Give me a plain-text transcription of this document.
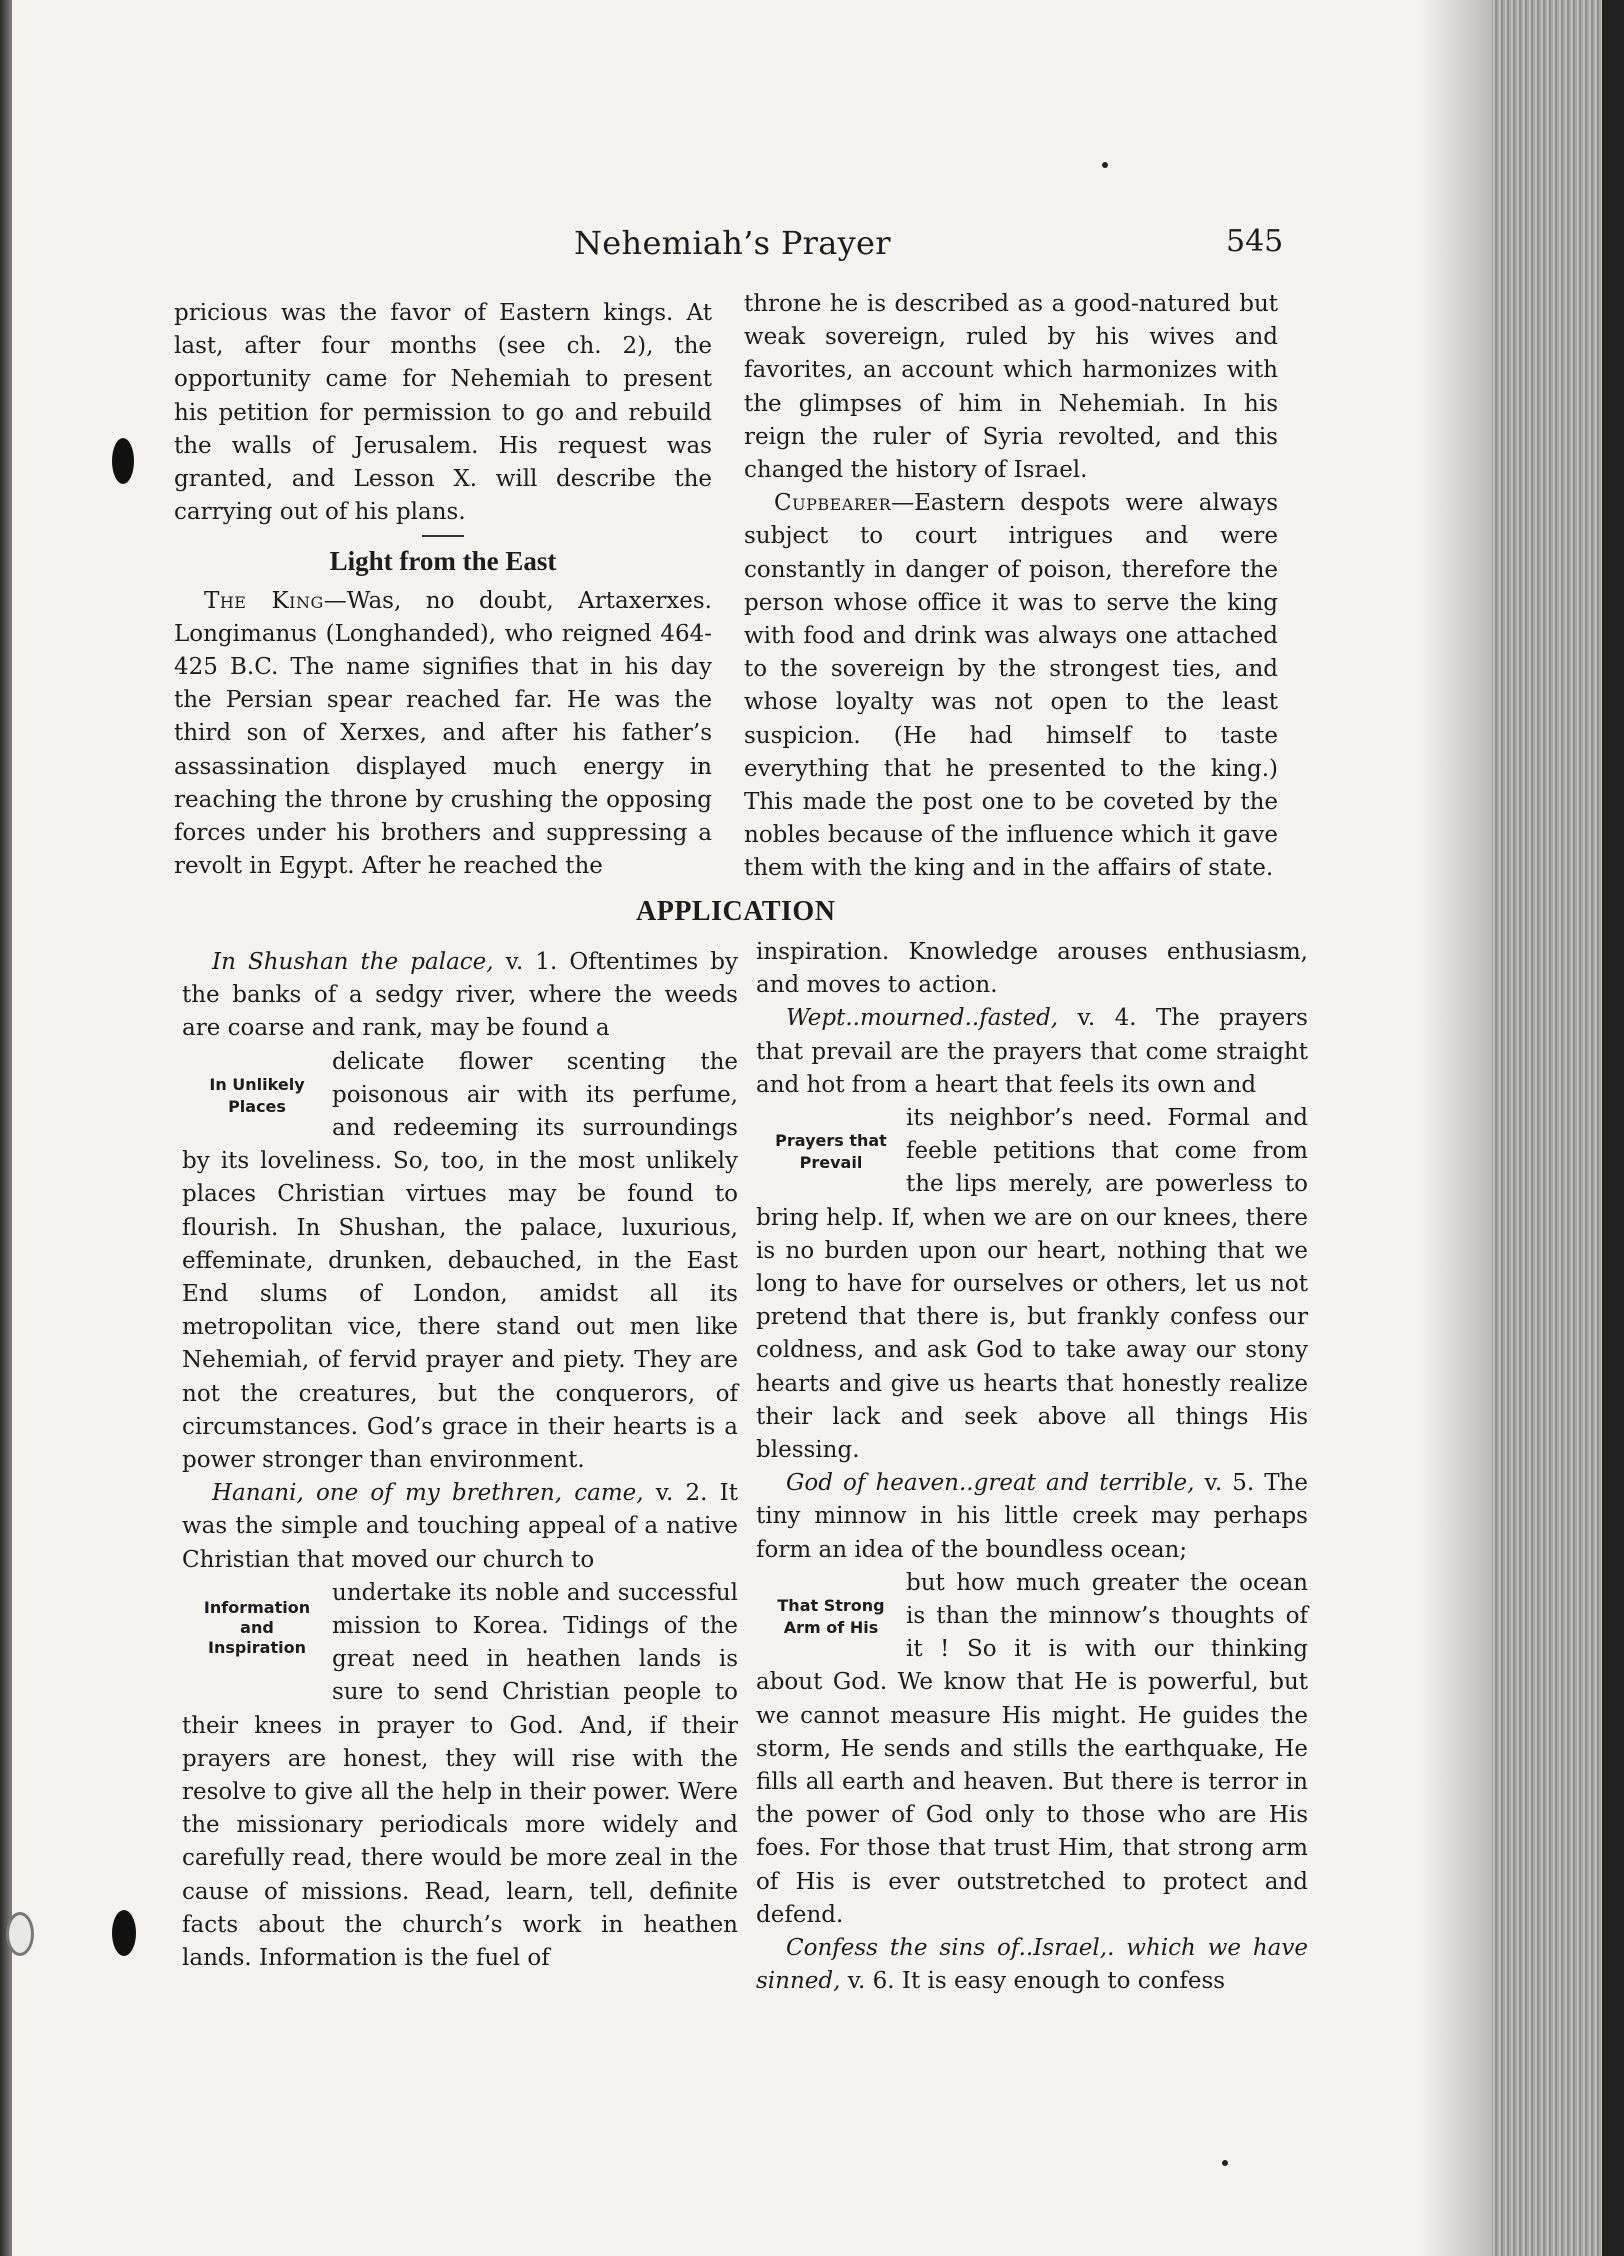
Nehemiah’s Prayer	545

pricious was the favor of Eastern kings. At last, after four months (see ch. 2), the opportunity came for Nehemiah to present his petition for permission to go and rebuild the walls of Jerusalem. His request was granted, and Lesson X. will describe the carrying out of his plans.

Light from the East

The King—Was, no doubt, Artaxerxes. Longimanus (Longhanded), who reigned 464-425 B.C. The name signifies that in his day the Persian spear reached far. He was the third son of Xerxes, and after his father’s assassination displayed much energy in reaching the throne by crushing the opposing forces under his brothers and suppressing a revolt in Egypt. After he reached the

throne he is described as a good-natured but weak sovereign, ruled by his wives and favorites, an account which harmonizes with the glimpses of him in Nehemiah. In his reign the ruler of Syria revolted, and this changed the history of Israel.

Cupbearer—Eastern despots were always subject to court intrigues and were constantly in danger of poison, therefore the person whose office it was to serve the king with food and drink was always one attached to the sovereign by the strongest ties, and whose loyalty was not open to the least suspicion. (He had himself to taste everything that he presented to the king.) This made the post one to be coveted by the nobles because of the influence which it gave them with the king and in the affairs of state.

APPLICATION

In Shushan the palace, v. 1. Oftentimes by the banks of a sedgy river, where the weeds are coarse and rank, may be found a

In Unlikely
Places
delicate flower scenting the poisonous air with its perfume, and redeeming its surroundings by its loveliness. So, too, in the most unlikely places Christian virtues may be found to flourish. In Shushan, the palace, luxurious, effeminate, drunken, debauched, in the East End slums of London, amidst all its metropolitan vice, there stand out men like Nehemiah, of fervid prayer and piety. They are not the creatures, but the conquerors, of circumstances. God’s grace in their hearts is a power stronger than environment.

Hanani, one of my brethren, came, v. 2. It was the simple and touching appeal of a native Christian that moved our church to

Information
and
Inspiration
undertake its noble and successful mission to Korea. Tidings of the great need in heathen lands is sure to send Christian people to their knees in prayer to God. And, if their prayers are honest, they will rise with the resolve to give all the help in their power. Were the missionary periodicals more widely and carefully read, there would be more zeal in the cause of missions. Read, learn, tell, definite facts about the church’s work in heathen lands. Information is the fuel of

inspiration. Knowledge arouses enthusiasm, and moves to action.

Wept..mourned..fasted, v. 4. The prayers that prevail are the prayers that come straight and hot from a heart that feels its own and

Prayers that
Prevail
its neighbor’s need. Formal and feeble petitions that come from the lips merely, are powerless to bring help. If, when we are on our knees, there is no burden upon our heart, nothing that we long to have for ourselves or others, let us not pretend that there is, but frankly confess our coldness, and ask God to take away our stony hearts and give us hearts that honestly realize their lack and seek above all things His blessing.

God of heaven..great and terrible, v. 5. The tiny minnow in his little creek may perhaps form an idea of the boundless ocean;

That Strong
Arm of His
but how much greater the ocean is than the minnow’s thoughts of it ! So it is with our thinking about God. We know that He is powerful, but we cannot measure His might. He guides the storm, He sends and stills the earthquake, He fills all earth and heaven. But there is terror in the power of God only to those who are His foes. For those that trust Him, that strong arm of His is ever outstretched to protect and defend.

Confess the sins of..Israel,. which we have sinned, v. 6. It is easy enough to confess
